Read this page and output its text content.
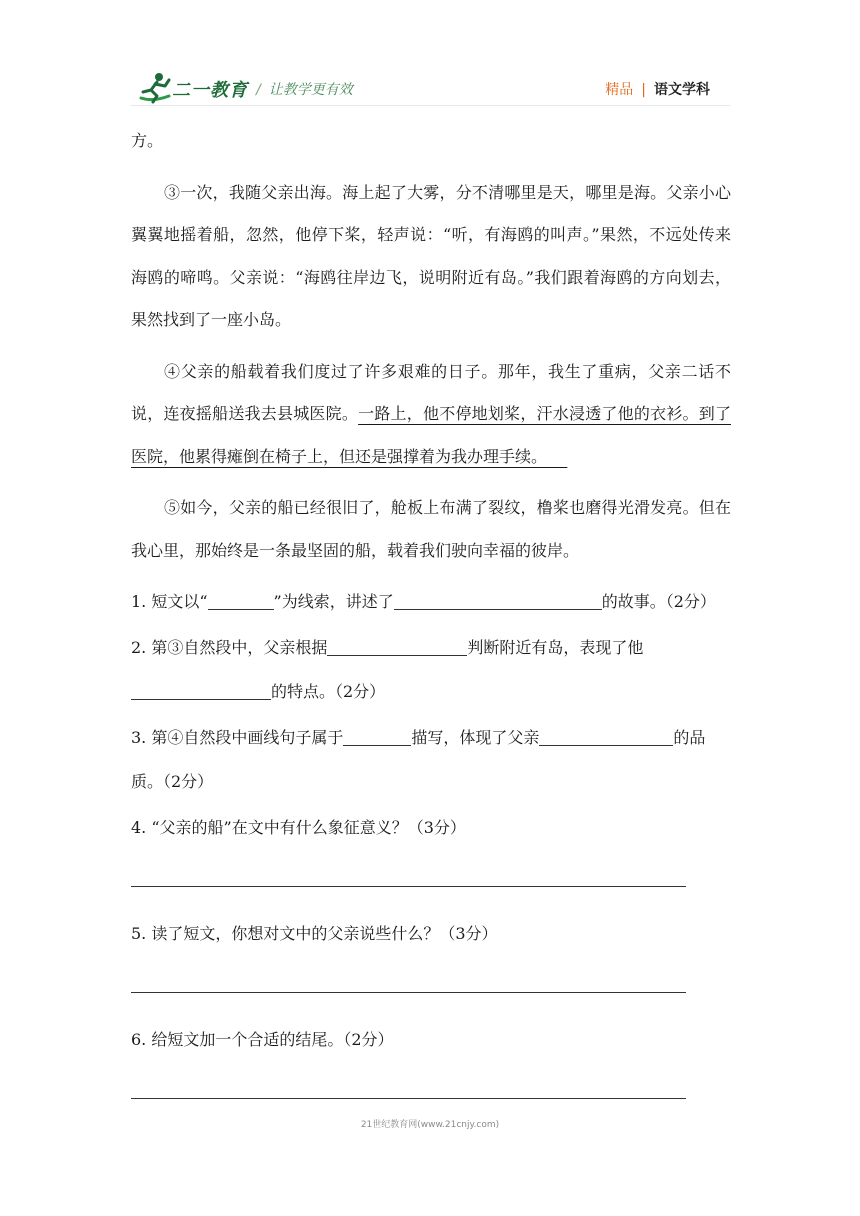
二一教育 / 让教学更有效	精品 | 语文学科

方。

③一次，我随父亲出海。海上起了大雾，分不清哪里是天，哪里是海。父亲小心翼翼地摇着船，忽然，他停下桨，轻声说：“听，有海鸥的叫声。”果然，不远处传来海鸥的啼鸣。父亲说：“海鸥往岸边飞，说明附近有岛。”我们跟着海鸥的方向划去，果然找到了一座小岛。

④父亲的船载着我们度过了许多艰难的日子。那年，我生了重病，父亲二话不说，连夜摇船送我去县城医院。一路上，他不停地划桨，汗水浸透了他的衣衫。到了医院，他累得瘫倒在椅子上，但还是强撑着为我办理手续。

⑤如今，父亲的船已经很旧了，舱板上布满了裂纹，橹桨也磨得光滑发亮。但在我心里，那始终是一条最坚固的船，载着我们驶向幸福的彼岸。

1. 短文以“	”为线索，讲述了	的故事。（2分）

2. 第③自然段中，父亲根据	判断附近有岛，表现了他的特点。（2分）

3. 第④自然段中画线句子属于	描写，体现了父亲	的品质。（2分）

4. “父亲的船”在文中有什么象征意义？（3分）

5. 读了短文，你想对文中的父亲说些什么？（3分）

6. 给短文加一个合适的结尾。（2分）

21世纪教育网(www.21cnjy.com)
